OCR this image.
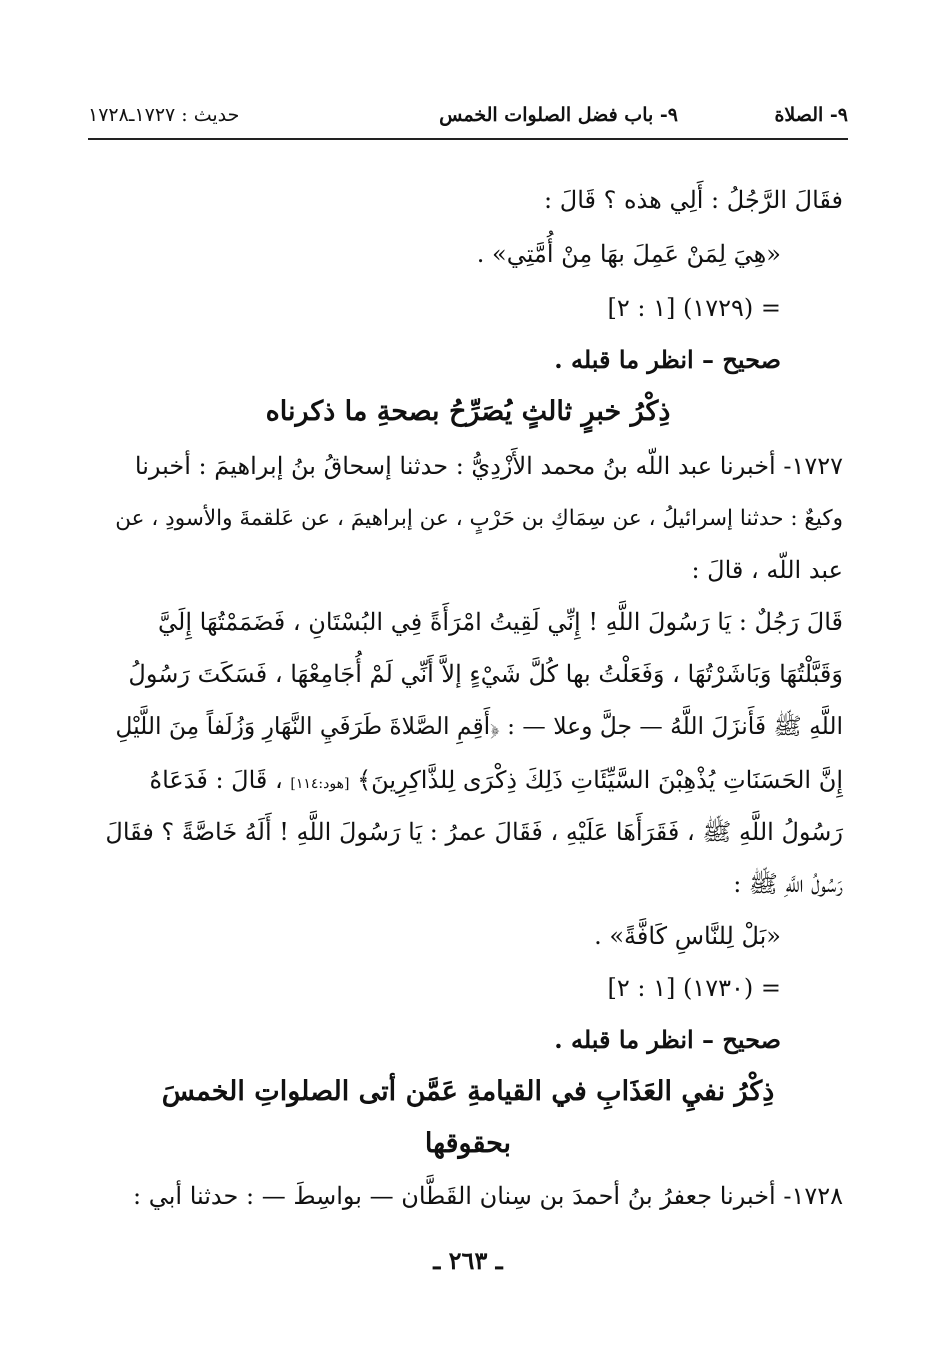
٩- الصلاة
٩- باب فضل الصلوات الخمس
حديث : ١٧٢٧ـ١٧٢٨
فقَالَ الرَّجُلُ : أَلِي هذه ؟ قَالَ :
«هِيَ لِمَنْ عَمِلَ بهَا مِنْ أُمَّتِي» .
= (١٧٢٩) [١ : ٢]
صحيح – انظر ما قبله .
ذِكْرُ خبرٍ ثالثٍ يُصَرِّحُ بصحةِ ما ذكرناه
١٧٢٧- أخبرنا عبد اللّه بنُ محمد الأَزْدِيُّ : حدثنا إسحاقُ بنُ إبراهيمَ : أخبرنا
وكيعٌ : حدثنا إسرائيلُ ، عن سِمَاكِ بن حَرْبٍ ، عن إبراهيمَ ، عن عَلقمةَ والأسودِ ، عن
عبد اللّه ، قالَ :
قَالَ رَجُلٌ : يَا رَسُولَ اللَّهِ ! إِنِّي لَقِيتُ امْرَأَةً فِي البُسْتَانِ ، فَضَمَمْتُهَا إِلَيَّ
وَقَبَّلْتُهَا وَبَاشَرْتُهَا ، وَفَعَلْتُ بها كُلَّ شَيْءٍ إلاَّ أَنِّي لَمْ أُجَامِعْهَا ، فَسَكَتَ رَسُولُ
اللَّهِ ﷺ فَأَنزَلَ اللَّهُ — جلَّ وعلا — : ﴿أَقِمِ الصَّلاةَ طَرَفَيِ النَّهَارِ وَزُلَفاً مِنَ اللَّيْلِ
إِنَّ الحَسَنَاتِ يُذْهِبْنَ السَّيِّئَاتِ ذَلِكَ ذِكْرَى لِلذَّاكِرِينَ﴾ [هود:١١٤] ، قَالَ : فَدَعَاهُ
رَسُولُ اللَّهِ ﷺ ، فَقَرَأَهَا عَلَيْهِ ، فَقَالَ عمرُ : يَا رَسُولَ اللَّهِ ! أَلَهُ خَاصَّةً ؟ فقَالَ
رَسُولُ اللَّهِ ﷺ :
«بَلْ لِلنَّاسِ كَافَّةً» .
= (١٧٣٠) [١ : ٢]
صحيح – انظر ما قبله .
ذِكْرُ نفيِ العَذَابِ في القيامةِ عَمَّن أتى الصلواتِ الخمسَ
بحقوقها
١٧٢٨- أخبرنا جعفرُ بنُ أحمدَ بن سِنان القَطَّان — بواسِطَ — : حدثنا أبي :
ـ ٢٦٣ ـ
